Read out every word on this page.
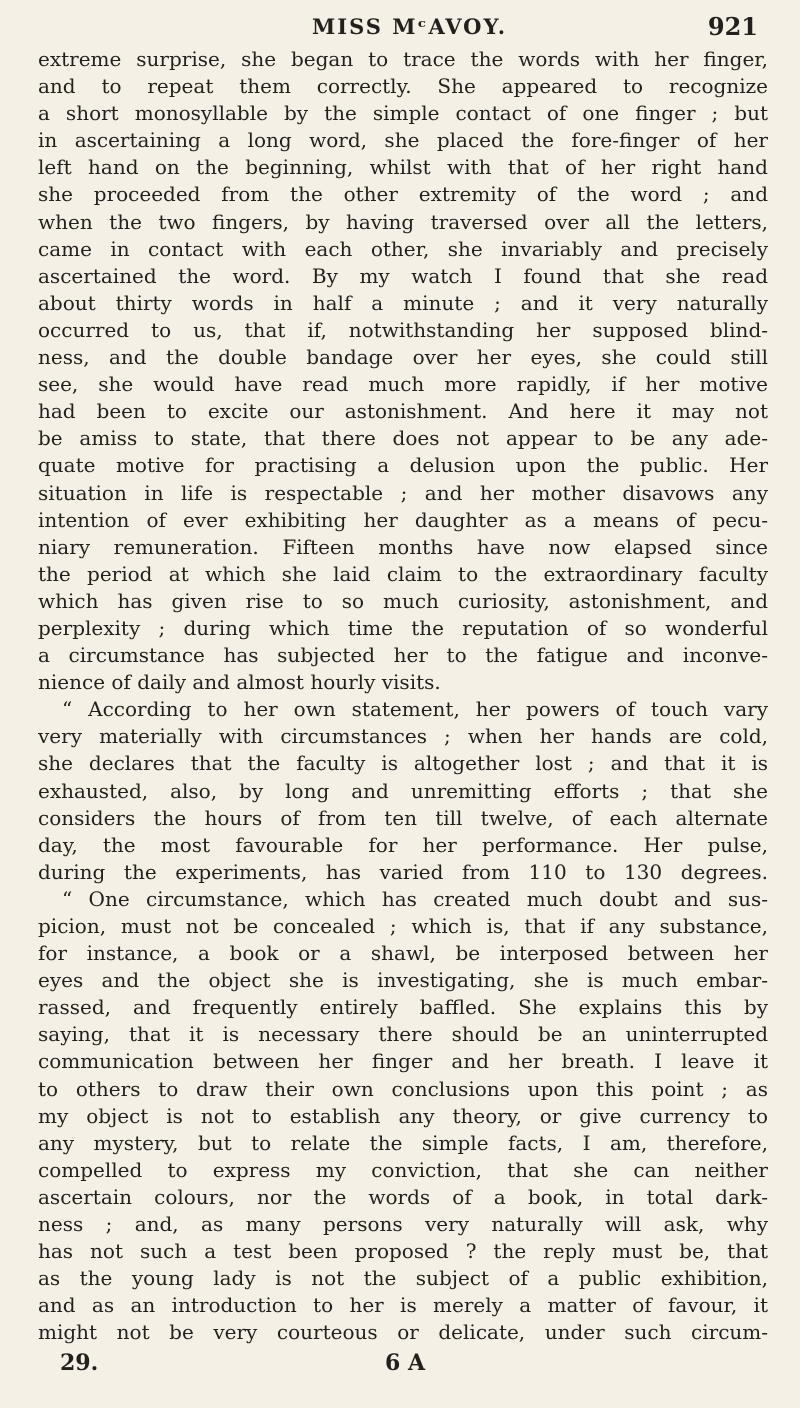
MISS MᶜAVOY.	921
extreme surprise, she began to trace the words with her finger,
and to repeat them correctly. She appeared to recognize
a short monosyllable by the simple contact of one finger ; but
in ascertaining a long word, she placed the fore-finger of her
left hand on the beginning, whilst with that of her right hand
she proceeded from the other extremity of the word ; and
when the two fingers, by having traversed over all the letters,
came in contact with each other, she invariably and precisely
ascertained the word. By my watch I found that she read
about thirty words in half a minute ; and it very naturally
occurred to us, that if, notwithstanding her supposed blind-
ness, and the double bandage over her eyes, she could still
see, she would have read much more rapidly, if her motive
had been to excite our astonishment. And here it may not
be amiss to state, that there does not appear to be any ade-
quate motive for practising a delusion upon the public. Her
situation in life is respectable ; and her mother disavows any
intention of ever exhibiting her daughter as a means of pecu-
niary remuneration. Fifteen months have now elapsed since
the period at which she laid claim to the extraordinary faculty
which has given rise to so much curiosity, astonishment, and
perplexity ; during which time the reputation of so wonderful
a circumstance has subjected her to the fatigue and inconve-
nience of daily and almost hourly visits.
“ According to her own statement, her powers of touch vary
very materially with circumstances ; when her hands are cold,
she declares that the faculty is altogether lost ; and that it is
exhausted, also, by long and unremitting efforts ; that she
considers the hours of from ten till twelve, of each alternate
day, the most favourable for her performance. Her pulse,
during the experiments, has varied from 110 to 130 degrees.
“ One circumstance, which has created much doubt and sus-
picion, must not be concealed ; which is, that if any substance,
for instance, a book or a shawl, be interposed between her
eyes and the object she is investigating, she is much embar-
rassed, and frequently entirely baffled. She explains this by
saying, that it is necessary there should be an uninterrupted
communication between her finger and her breath. I leave it
to others to draw their own conclusions upon this point ; as
my object is not to establish any theory, or give currency to
any mystery, but to relate the simple facts, I am, therefore,
compelled to express my conviction, that she can neither
ascertain colours, nor the words of a book, in total dark-
ness ; and, as many persons very naturally will ask, why
has not such a test been proposed ? the reply must be, that
as the young lady is not the subject of a public exhibition,
and as an introduction to her is merely a matter of favour, it
might not be very courteous or delicate, under such circum-
29.	6 A
